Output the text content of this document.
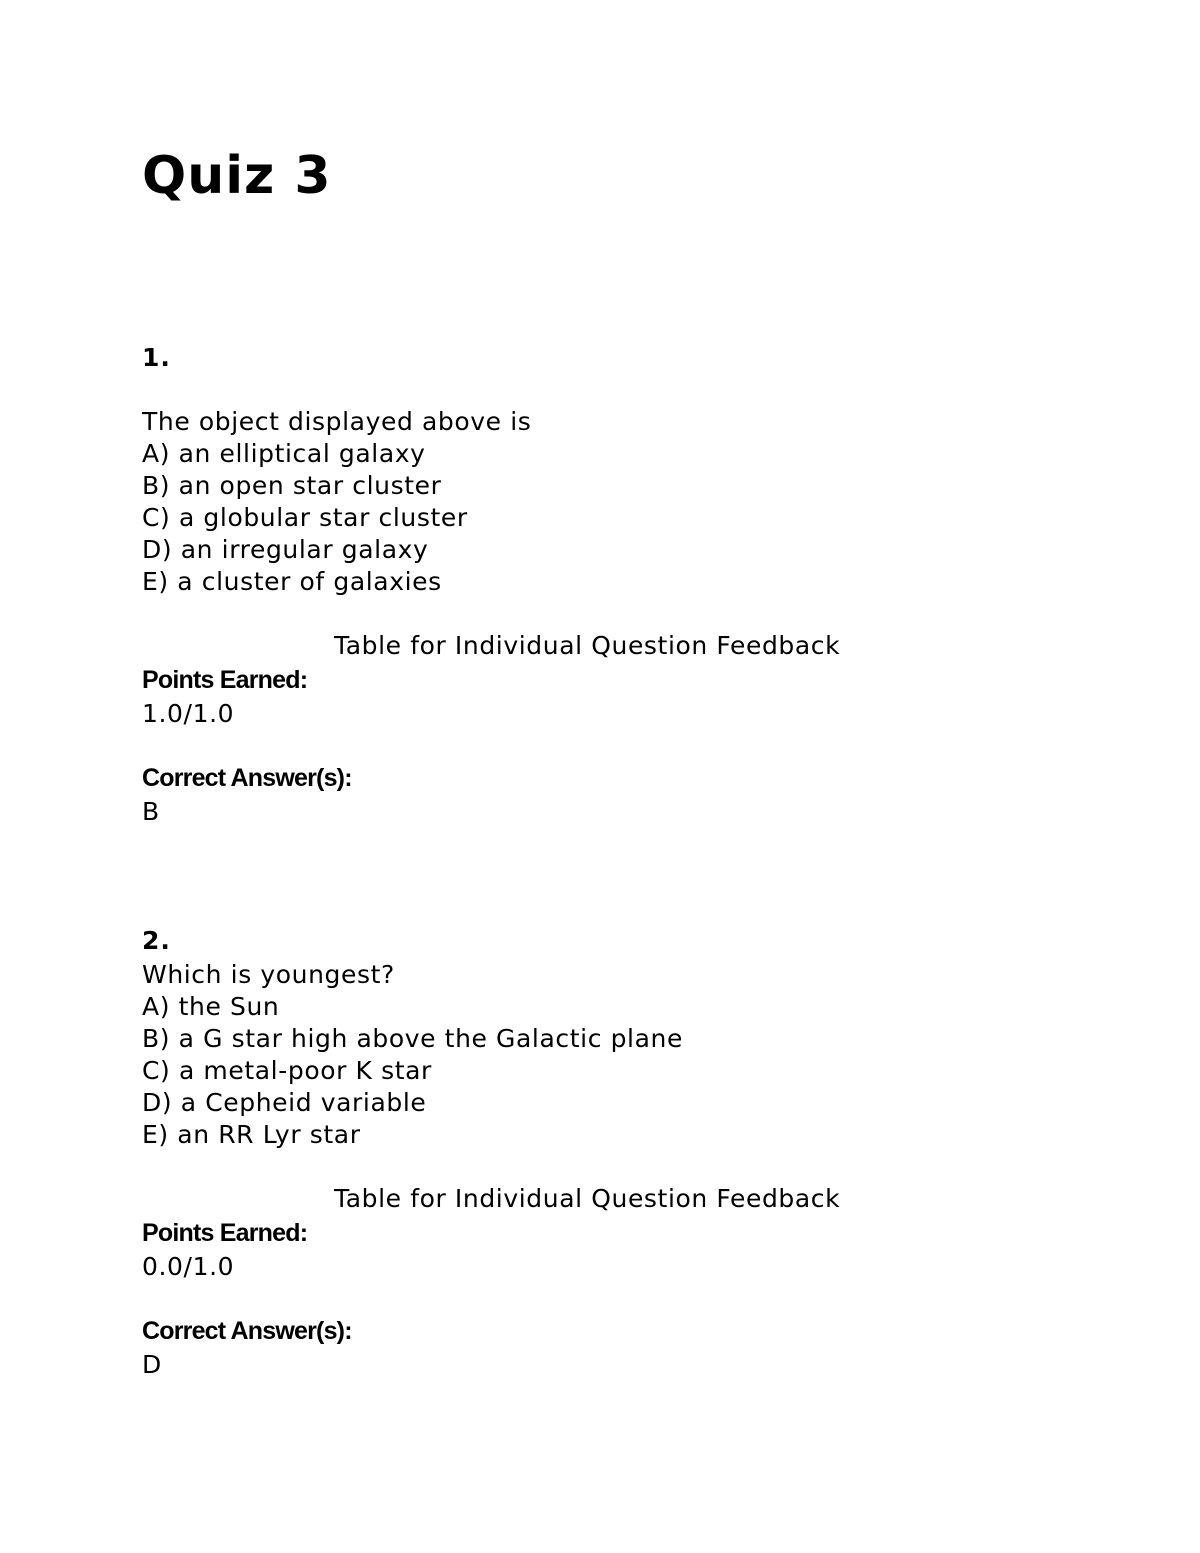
Quiz 3

1.

The object displayed above is

A) an elliptical galaxy

B) an open star cluster

C) a globular star cluster

D) an irregular galaxy

E) a cluster of galaxies

Table for Individual Question Feedback

Points Earned:

1.0/1.0

Correct Answer(s):

B

2.

Which is youngest?

A) the Sun

B) a G star high above the Galactic plane

C) a metal-poor K star

D) a Cepheid variable

E) an RR Lyr star

Table for Individual Question Feedback

Points Earned:

0.0/1.0

Correct Answer(s):

D
